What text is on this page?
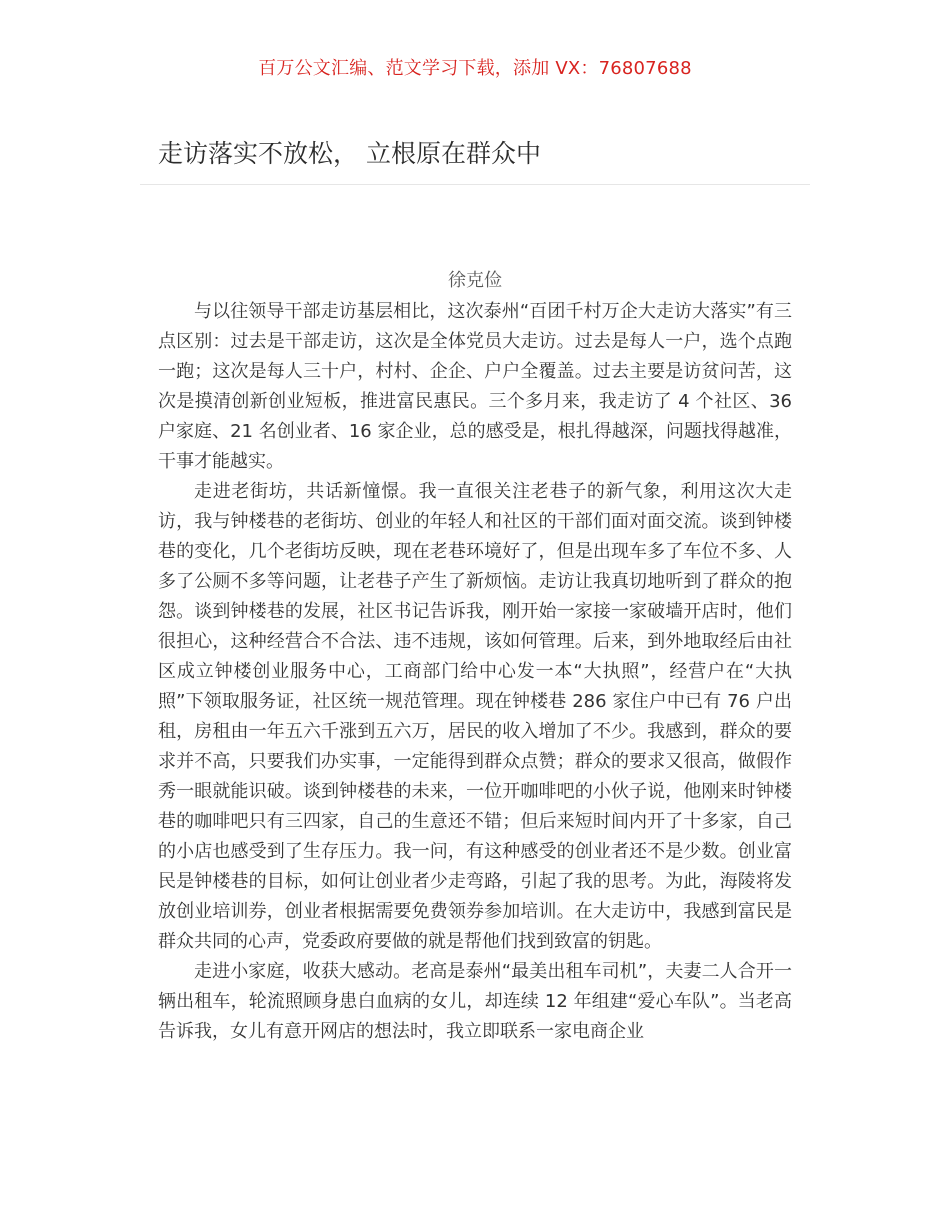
百万公文汇编、范文学习下载，添加 VX：76807688
走访落实不放松， 立根原在群众中
徐克俭

与以往领导干部走访基层相比，这次泰州“百团千村万企大走访大落实”有三点区别：过去是干部走访，这次是全体党员大走访。过去是每人一户，选个点跑一跑；这次是每人三十户，村村、企企、户户全覆盖。过去主要是访贫问苦，这次是摸清创新创业短板，推进富民惠民。三个多月来，我走访了 4 个社区、36 户家庭、21 名创业者、16 家企业，总的感受是，根扎得越深，问题找得越准，干事才能越实。

走进老街坊，共话新憧憬。我一直很关注老巷子的新气象，利用这次大走访，我与钟楼巷的老街坊、创业的年轻人和社区的干部们面对面交流。谈到钟楼巷的变化，几个老街坊反映，现在老巷环境好了，但是出现车多了车位不多、人多了公厕不多等问题，让老巷子产生了新烦恼。走访让我真切地听到了群众的抱怨。谈到钟楼巷的发展，社区书记告诉我，刚开始一家接一家破墙开店时，他们很担心，这种经营合不合法、违不违规，该如何管理。后来，到外地取经后由社区成立钟楼创业服务中心，工商部门给中心发一本“大执照”，经营户在“大执照”下领取服务证，社区统一规范管理。现在钟楼巷 286 家住户中已有 76 户出租，房租由一年五六千涨到五六万，居民的收入增加了不少。我感到，群众的要求并不高，只要我们办实事，一定能得到群众点赞；群众的要求又很高，做假作秀一眼就能识破。谈到钟楼巷的未来，一位开咖啡吧的小伙子说，他刚来时钟楼巷的咖啡吧只有三四家，自己的生意还不错；但后来短时间内开了十多家，自己的小店也感受到了生存压力。我一问，有这种感受的创业者还不是少数。创业富民是钟楼巷的目标，如何让创业者少走弯路，引起了我的思考。为此，海陵将发放创业培训券，创业者根据需要免费领券参加培训。在大走访中，我感到富民是群众共同的心声，党委政府要做的就是帮他们找到致富的钥匙。

走进小家庭，收获大感动。老高是泰州“最美出租车司机”，夫妻二人合开一辆出租车，轮流照顾身患白血病的女儿，却连续 12 年组建“爱心车队”。当老高告诉我，女儿有意开网店的想法时，我立即联系一家电商企业
